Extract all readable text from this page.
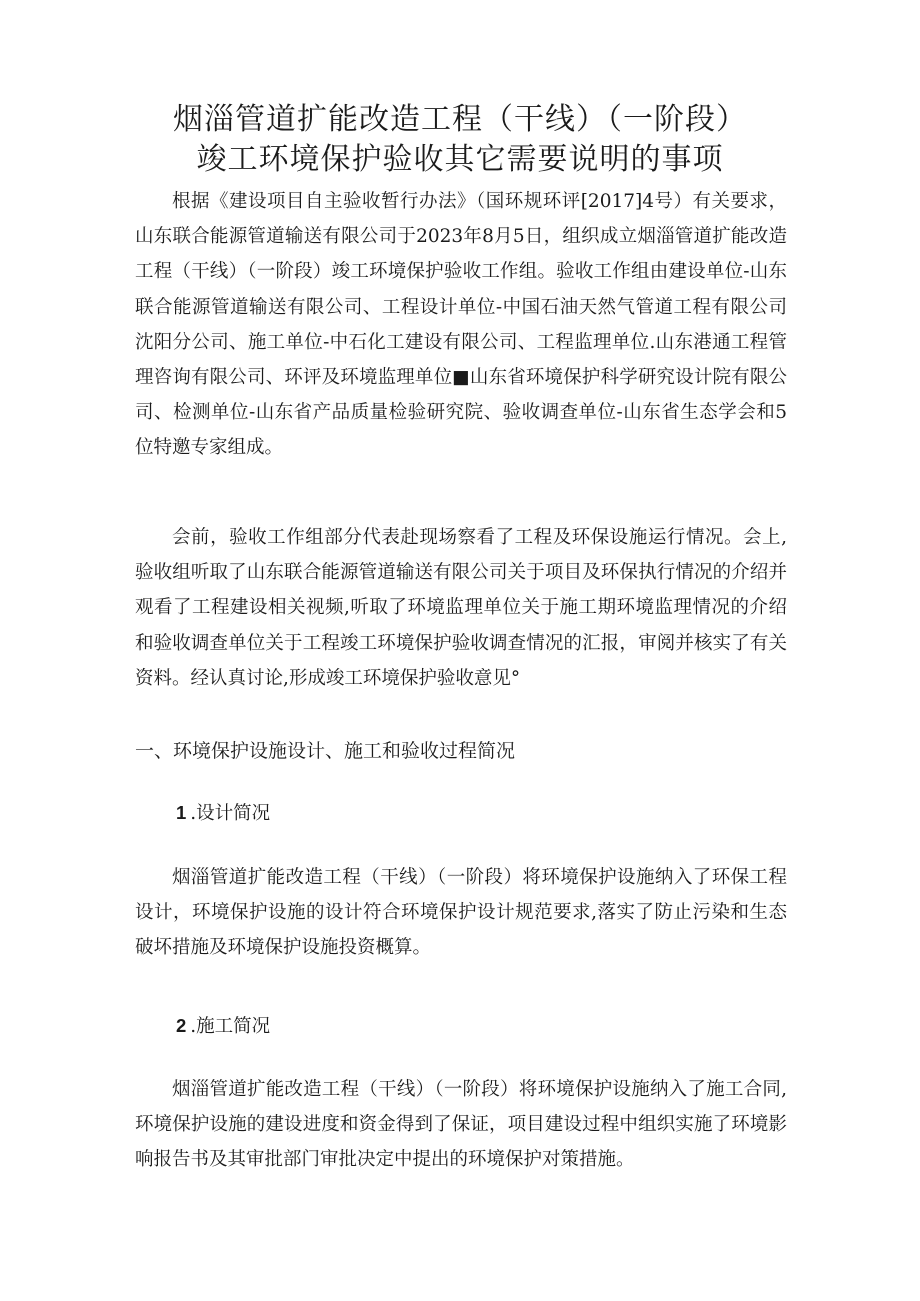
烟淄管道扩能改造工程（干线）（一阶段）
竣工环境保护验收其它需要说明的事项

根据《建设项目自主验收暂行办法》（国环规环评[2017]4号）有关要求，山东联合能源管道输送有限公司于2023年8月5日，组织成立烟淄管道扩能改造工程（干线）（一阶段）竣工环境保护验收工作组。验收工作组由建设单位-山东联合能源管道输送有限公司、工程设计单位-中国石油天然气管道工程有限公司沈阳分公司、施工单位-中石化工建设有限公司、工程监理单位.山东港通工程管理咨询有限公司、环评及环境监理单位■山东省环境保护科学研究设计院有限公司、检测单位-山东省产品质量检验研究院、验收调查单位-山东省生态学会和5位特邀专家组成。

会前，验收工作组部分代表赴现场察看了工程及环保设施运行情况。会上,验收组听取了山东联合能源管道输送有限公司关于项目及环保执行情况的介绍并观看了工程建设相关视频,听取了环境监理单位关于施工期环境监理情况的介绍和验收调查单位关于工程竣工环境保护验收调查情况的汇报，审阅并核实了有关资料。经认真讨论,形成竣工环境保护验收意见°

一、环境保护设施设计、施工和验收过程简况
1 .设计简况

烟淄管道扩能改造工程（干线）（一阶段）将环境保护设施纳入了环保工程设计，环境保护设施的设计符合环境保护设计规范要求,落实了防止污染和生态破坏措施及环境保护设施投资概算。

2 .施工简况

烟淄管道扩能改造工程（干线）（一阶段）将环境保护设施纳入了施工合同,环境保护设施的建设进度和资金得到了保证，项目建设过程中组织实施了环境影响报告书及其审批部门审批决定中提出的环境保护对策措施。
